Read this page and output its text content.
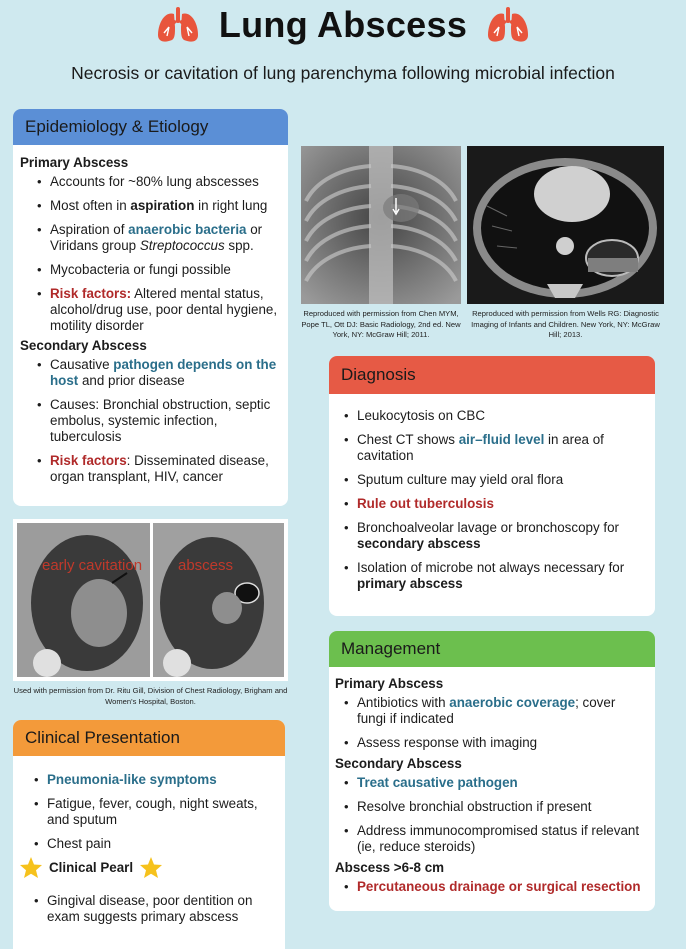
Lung Abscess
Necrosis or cavitation of lung parenchyma following microbial infection
Epidemiology & Etiology
Primary Abscess
• Accounts for ~80% lung abscesses
• Most often in aspiration in right lung
• Aspiration of anaerobic bacteria or Viridans group Streptococcus spp.
• Mycobacteria or fungi possible
• Risk factors: Altered mental status, alcohol/drug use, poor dental hygiene, motility disorder
Secondary Abscess
• Causative pathogen depends on the host and prior disease
• Causes: Bronchial obstruction, septic embolus, systemic infection, tuberculosis
• Risk factors: Disseminated disease, organ transplant, HIV, cancer
Reproduced with permission from Chen MYM, Pope TL, Ott DJ: Basic Radiology, 2nd ed. New York, NY: McGraw Hill; 2011.
Reproduced with permission from Wells RG: Diagnostic Imaging of Infants and Children. New York, NY: McGraw Hill; 2013.
Diagnosis
• Leukocytosis on CBC
• Chest CT shows air–fluid level in area of cavitation
• Sputum culture may yield oral flora
• Rule out tuberculosis
• Bronchoalveolar lavage or bronchoscopy for secondary abscess
• Isolation of microbe not always necessary for primary abscess
early cavitation abscess
Used with permission from Dr. Ritu Gill, Division of Chest Radiology, Brigham and Women's Hospital, Boston.
Clinical Presentation
• Pneumonia-like symptoms
• Fatigue, fever, cough, night sweats, and sputum
• Chest pain
Clinical Pearl
• Gingival disease, poor dentition on exam suggests primary abscess
Management
Primary Abscess
• Antibiotics with anaerobic coverage; cover fungi if indicated
• Assess response with imaging
Secondary Abscess
• Treat causative pathogen
• Resolve bronchial obstruction if present
• Address immunocompromised status if relevant (ie, reduce steroids)
Abscess >6-8 cm
• Percutaneous drainage or surgical resection
